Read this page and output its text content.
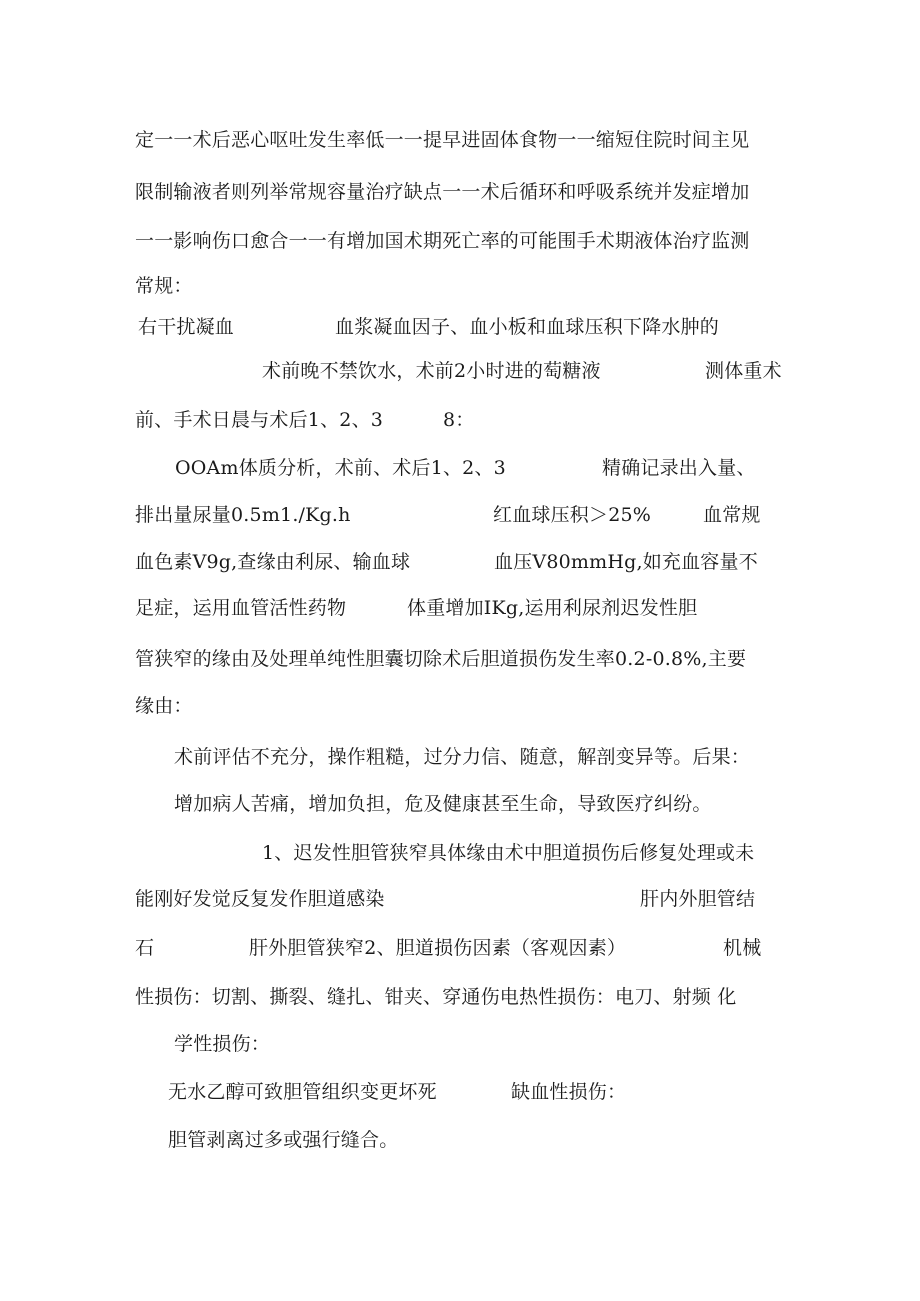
定一一术后恶心呕吐发生率低一一提早进固体食物一一缩短住院时间主见

限制输液者则列举常规容量治疗缺点一一术后循环和呼吸系统并发症增加

一一影响伤口愈合一一有增加国术期死亡率的可能围手术期液体治疗监测

常规：

右干扰凝血

	血浆凝血因子、血小板和血球压积下降水肿的

术前晚不禁饮水，术前2小时进的萄糖液

	测体重术

前、手术日晨与术后1、2、3

	8：

OOAm体质分析，术前、术后1、2、3

	精确记录出入量、

排出量尿量0.5m1./Kg.h

	红血球压积＞25%

	血常规

血色素V9g,查缘由利尿、输血球

	血压V80mmHg,如充血容量不

足症，运用血管活性药物

	体重增加IKg,运用利尿剂迟发性胆

管狭窄的缘由及处理单纯性胆囊切除术后胆道损伤发生率0.2-0.8%,主要

缘由：

术前评估不充分，操作粗糙，过分力信、随意，解剖变异等。后果：

增加病人苦痛，增加负担，危及健康甚至生命，导致医疗纠纷。

1、迟发性胆管狭窄具体缘由术中胆道损伤后修复处理或未

能刚好发觉反复发作胆道感染

	肝内外胆管结

石

	肝外胆管狭窄2、胆道损伤因素（客观因素）

	机械

性损伤：切割、撕裂、缝扎、钳夹、穿通伤电热性损伤：电刀、射频 化

学性损伤：

无水乙醇可致胆管组织变更坏死

	缺血性损伤：

胆管剥离过多或强行缝合。
